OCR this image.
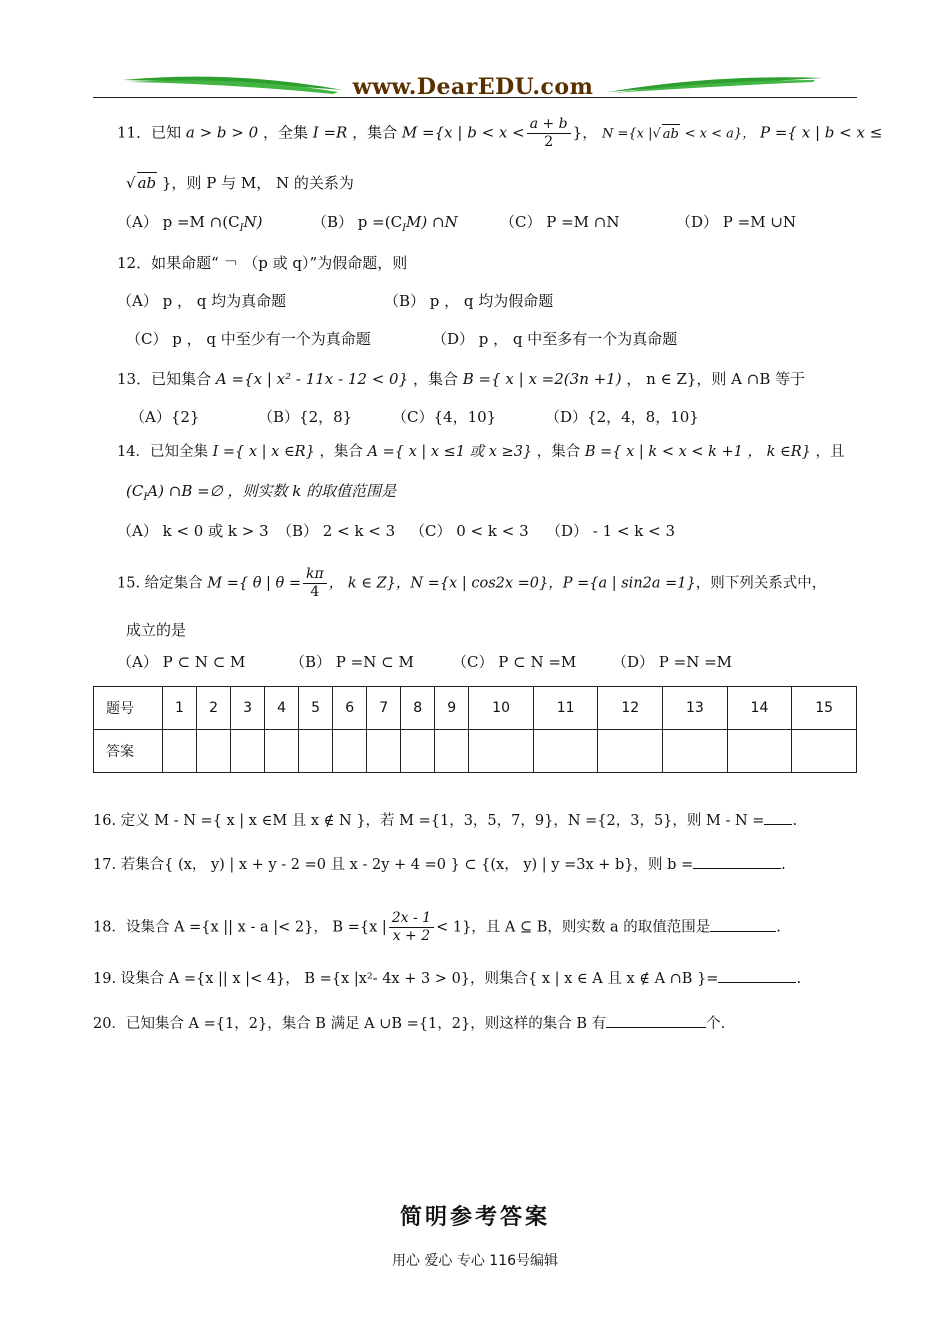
www.DearEDU.com
11．已知 a > b > 0 ，全集 I =R ，集合 M ={x | $b < x < \frac{a + b}{2}$ }， N ={x |√ ab < x < a}， P ={ x | b < x ≤
√ ab }，则 P 与 M， N 的关系为
（A） p =M $\cap(C_IN)$	（B） $p =(C_IM)$ ∩N	（C） P =M ∩N	（D） P =M ∪N
12．如果命题“ ￢ （p 或 q）”为假命题，则
（A） p ， q 均为真命题	（B） p ， q 均为假命题
（C） p ， q 中至少有一个为真命题	（D） p ， q 中至多有一个为真命题
13．已知集合 A ={x | x² - 11x - 12 < 0} ，集合 B ={ x | x =2(3n +1) ， n ∈ Z}，则 A ∩B 等于
（A）{2}	（B）{2，8}	（C）{4，10}	（D）{2，4，8，10}
14．已知全集 I ={ x | x ∈R} ，集合 A ={ x | x ≤1 或 x ≥3} ，集合 B ={ x | k < x < k +1 ， k ∈R} ，且
$(C_IA)$ ∩B =∅ ，则实数 k 的取值范围是
（A） k < 0 或 k > 3 （B） 2 < k < 3 （C） 0 < k < 3 （D） - 1 < k < 3
15. 给定集合 M ={ θ | $\theta = \frac{k\pi}{4}$ ， k ∈ Z}，N ={x | cos2x =0}，P ={a | sin2a =1}，则下列关系式中，
成立的是
（A） P ⊂ N ⊂ M	（B） P =N ⊂ M	（C） P ⊂ N =M （D） P =N =M
题号	1	2	3	4	5	6	7	8	9	10	11	12	13	14	15
答案															
16. 定义 M - N ={ x | x ∈M 且 x ∉ N }，若 M ={1，3，5，7，9}，N ={2，3，5}，则 M - N = .
17. 若集合{ (x， y) | x + y - 2 =0 且 x - 2y + 4 =0 } ⊂ {(x， y) | y =3x + b}，则 b =	.
18．设集合 A ={x || x - a |< 2}， B ={x | $\frac{2x - 1}{x + 2} < 1$}，且 A ⊆ B，则实数 a 的取值范围是	.
19. 设集合 A ={x || x |< 4}， B ={x |x²- 4x + 3 > 0}，则集合{ x | x ∈ A 且 x ∉ A ∩B }=	.
20．已知集合 A ={1，2}，集合 B 满足 A ∪B ={1，2}，则这样的集合 B 有	个.
简明参考答案
用心 爱心 专心 116号编辑
